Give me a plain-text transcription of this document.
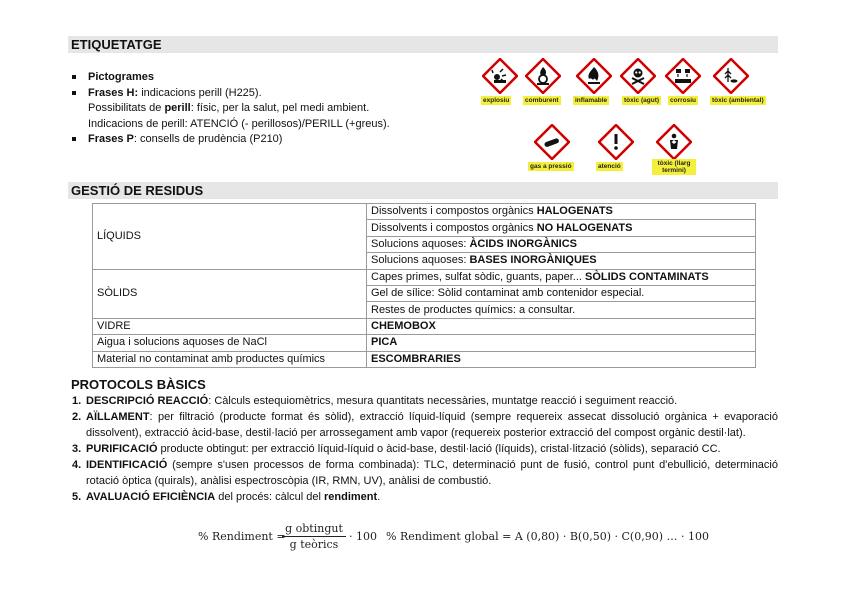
ETIQUETATGE
Pictogrames
Frases H: indicacions perill (H225).
Possibilitats de perill: físic, per la salut, pel medi ambient.
Indicacions de perill: ATENCIÓ (- perillosos)/PERILL (+greus).
Frases P: consells de prudència (P210)
explosiu	comburent	inflamable	tòxic (agut)	corrosiu	tòxic (ambiental)
gas a pressió	atenció	tòxic (llarg termini)
GESTIÓ DE RESIDUS
LÍQUIDS	Dissolvents i compostos orgànics HALOGENATS
	Dissolvents i compostos orgànics NO HALOGENATS
	Solucions aquoses: ÀCIDS INORGÀNICS
	Solucions aquoses: BASES INORGÀNIQUES
SÒLIDS	Capes primes, sulfat sòdic, guants, paper... SÒLIDS CONTAMINATS
	Gel de sílice: Sòlid contaminat amb contenidor especial.
	Restes de productes químics: a consultar.
VIDRE	CHEMOBOX
Aigua i solucions aquoses de NaCl	PICA
Material no contaminat amb productes químics	ESCOMBRARIES
PROTOCOLS BÀSICS
1. DESCRIPCIÓ REACCIÓ: Càlculs estequiomètrics, mesura quantitats necessàries, muntatge reacció i seguiment reacció.
2. AÏLLAMENT: per filtració (producte format és sòlid), extracció líquid-líquid (sempre requereix assecat dissolució orgànica + evaporació dissolvent), extracció àcid-base, destil·lació per arrossegament amb vapor (requereix posterior extracció del compost orgànic destil·lat).
3. PURIFICACIÓ producte obtingut: per extracció líquid-líquid o àcid-base, destil·lació (líquids), cristal·lització (sòlids), separació CC.
4. IDENTIFICACIÓ (sempre s'usen processos de forma combinada): TLC, determinació punt de fusió, control punt d'ebullició, determinació rotació òptica (quirals), anàlisi espectroscòpia (IR, RMN, UV), anàlisi de combustió.
5. AVALUACIÓ EFICIÈNCIA del procés: càlcul del rendiment.
% Rendiment =
g obtingut
g teòrics
· 100 % Rendiment global = A (0,80) · B(0,50) · C(0,90) … · 100
